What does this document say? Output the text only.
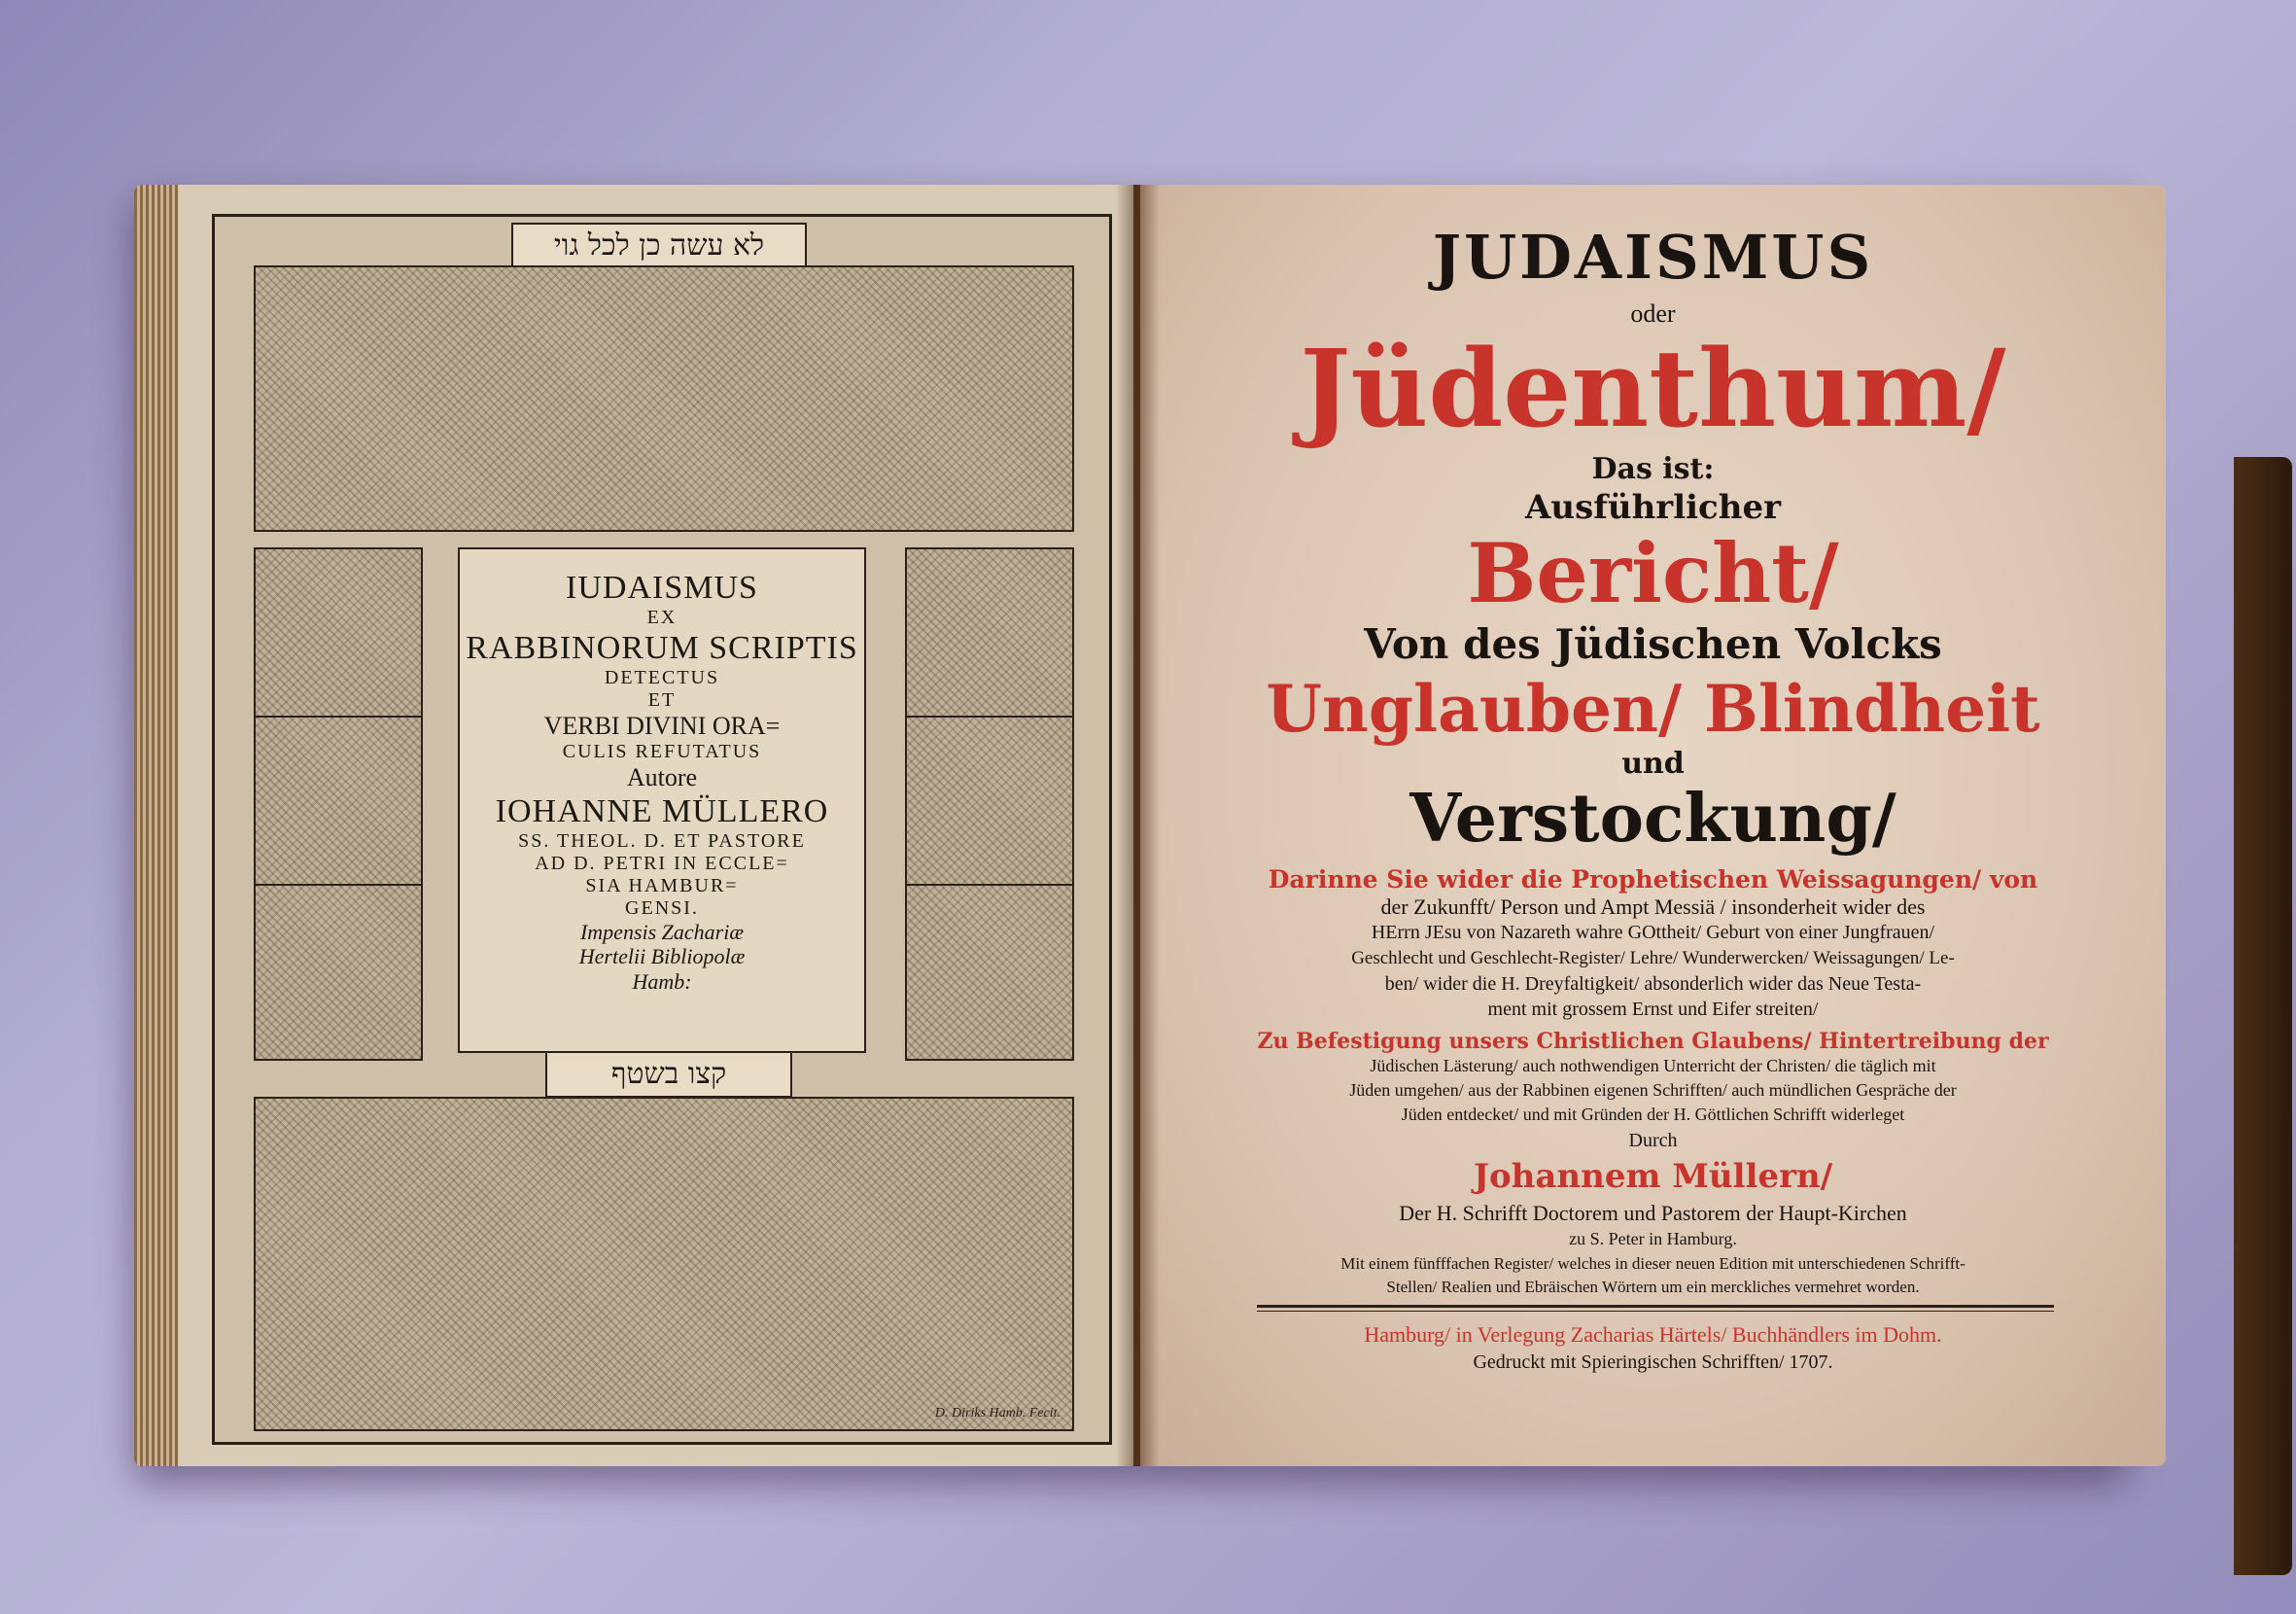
לא עשה כן לכל גוי
IUDAISMUS
EX
RABBINORUM SCRIPTIS
DETECTUS
ET
VERBI DIVINI ORA=
CULIS REFUTATUS
Autore
IOHANNE MÜLLERO
SS. THEOL. D. ET PASTORE
AD D. PETRI IN ECCLE=
SIA HAMBUR=
GENSI.
Impensis Zachariæ
Hertelii Bibliopolæ
Hamb:
קצו בשטף
D. Diriks Hamb. Fecit.
JUDAISMUS
oder
Jüdenthum/
Das ist:
Ausführlicher
Bericht/
Von des Jüdischen Volcks
Unglauben/ Blindheit
und
Verstockung/
Darinne Sie wider die Prophetischen Weissagungen/ von
der Zukunfft/ Person und Ampt Messiä / insonderheit wider des
HErrn JEsu von Nazareth wahre GOttheit/ Geburt von einer Jungfrauen/
Geschlecht und Geschlecht-Register/ Lehre/ Wunderwercken/ Weissagungen/ Le-
ben/ wider die H. Dreyfaltigkeit/ absonderlich wider das Neue Testa-
ment mit grossem Ernst und Eifer streiten/
Zu Befestigung unsers Christlichen Glaubens/ Hintertreibung der
Jüdischen Lästerung/ auch nothwendigen Unterricht der Christen/ die täglich mit
Jüden umgehen/ aus der Rabbinen eigenen Schrifften/ auch mündlichen Gespräche der
Jüden entdecket/ und mit Gründen der H. Göttlichen Schrifft widerleget
Durch
Johannem Müllern/
Der H. Schrifft Doctorem und Pastorem der Haupt-Kirchen
zu S. Peter in Hamburg.
Mit einem fünfffachen Register/ welches in dieser neuen Edition mit unterschiedenen Schrifft-
Stellen/ Realien und Ebräischen Wörtern um ein merckliches vermehret worden.
Hamburg/ in Verlegung Zacharias Härtels/ Buchhändlers im Dohm.
Gedruckt mit Spieringischen Schrifften/ 1707.
